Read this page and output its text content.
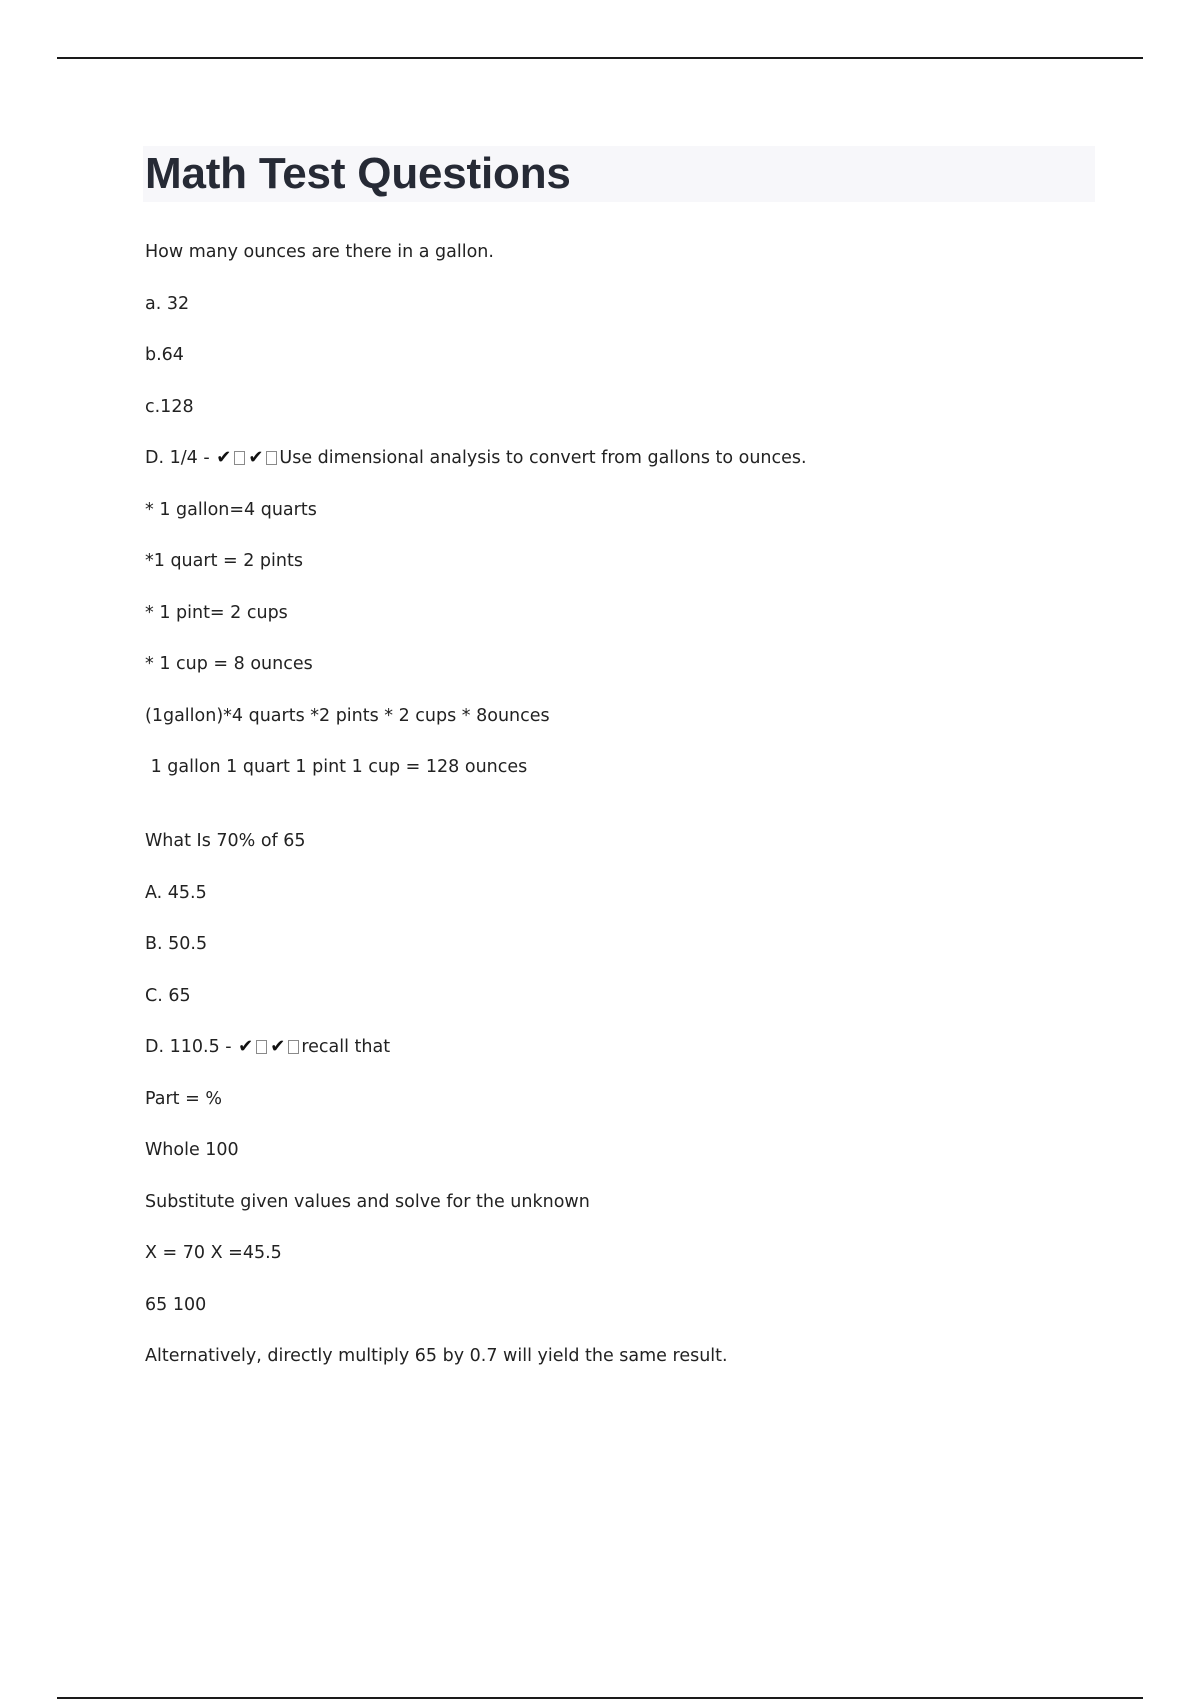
Math Test Questions

How many ounces are there in a gallon.

a. 32

b.64

c.128

D. 1/4 - ✔ ✔ Use dimensional analysis to convert from gallons to ounces.

* 1 gallon=4 quarts

*1 quart = 2 pints

* 1 pint= 2 cups

* 1 cup = 8 ounces

(1gallon)*4 quarts *2 pints * 2 cups * 8ounces

1 gallon 1 quart 1 pint 1 cup = 128 ounces

What Is 70% of 65

A. 45.5

B. 50.5

C. 65

D. 110.5 - ✔ ✔ recall that

Part = %

Whole 100

Substitute given values and solve for the unknown

X = 70 X =45.5

65 100

Alternatively, directly multiply 65 by 0.7 will yield the same result.
